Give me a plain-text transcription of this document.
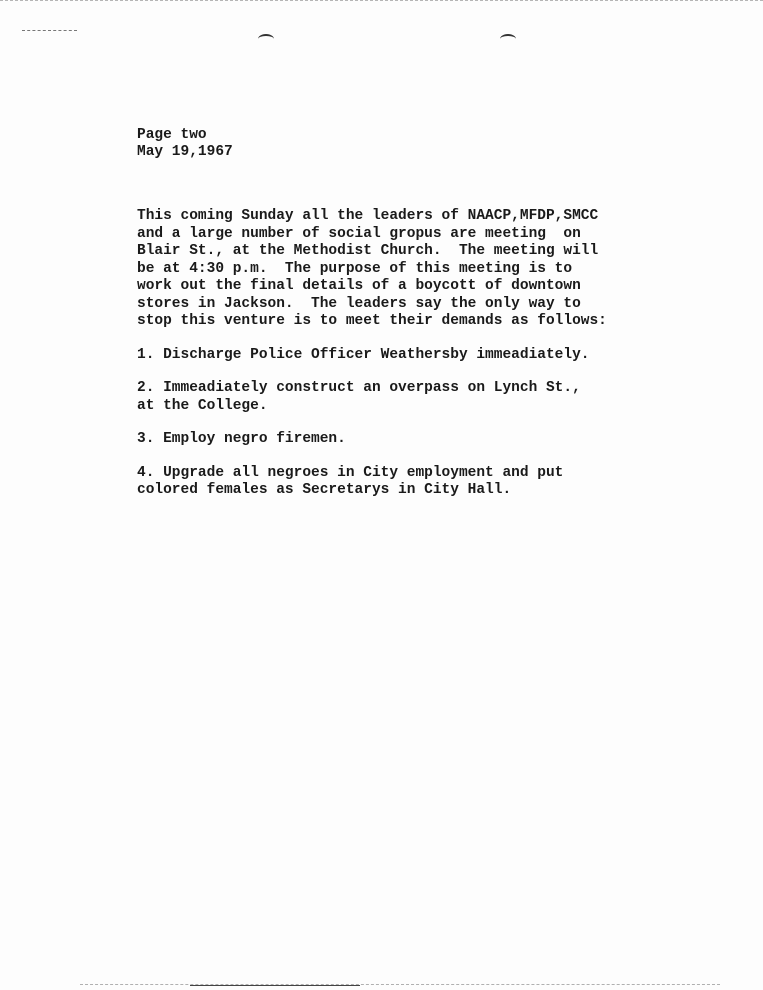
Page two
May 19,1967
This coming Sunday all the leaders of NAACP,MFDP,SMCC
and a large number of social gropus are meeting  on
Blair St., at the Methodist Church.  The meeting will
be at 4:30 p.m.  The purpose of this meeting is to
work out the final details of a boycott of downtown
stores in Jackson.  The leaders say the only way to
stop this venture is to meet their demands as follows:
1. Discharge Police Officer Weathersby immeadiately.
2. Immeadiately construct an overpass on Lynch St.,
at the College.
3. Employ negro firemen.
4. Upgrade all negroes in City employment and put
colored females as Secretarys in City Hall.
